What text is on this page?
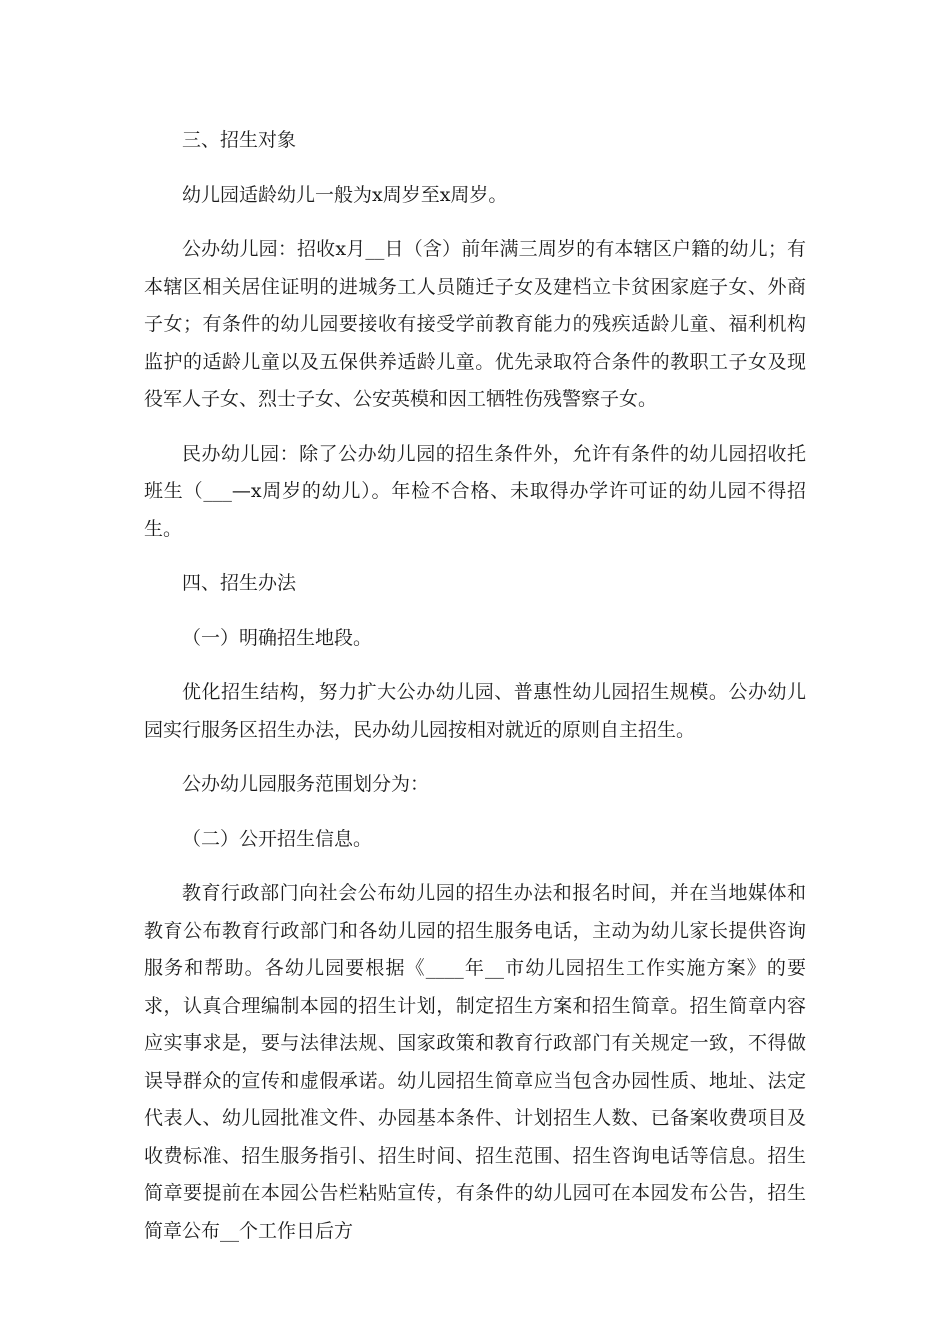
三、招生对象

幼儿园适龄幼儿一般为x周岁至x周岁。

公办幼儿园：招收x月__日（含）前年满三周岁的有本辖区户籍的幼儿；有本辖区相关居住证明的进城务工人员随迁子女及建档立卡贫困家庭子女、外商子女；有条件的幼儿园要接收有接受学前教育能力的残疾适龄儿童、福利机构监护的适龄儿童以及五保供养适龄儿童。优先录取符合条件的教职工子女及现役军人子女、烈士子女、公安英模和因工牺牲伤残警察子女。

民办幼儿园：除了公办幼儿园的招生条件外，允许有条件的幼儿园招收托班生（___—x周岁的幼儿）。年检不合格、未取得办学许可证的幼儿园不得招生。

四、招生办法

（一）明确招生地段。

优化招生结构，努力扩大公办幼儿园、普惠性幼儿园招生规模。公办幼儿园实行服务区招生办法，民办幼儿园按相对就近的原则自主招生。

公办幼儿园服务范围划分为：

（二）公开招生信息。

教育行政部门向社会公布幼儿园的招生办法和报名时间，并在当地媒体和教育公布教育行政部门和各幼儿园的招生服务电话，主动为幼儿家长提供咨询服务和帮助。各幼儿园要根据《____年__市幼儿园招生工作实施方案》的要求，认真合理编制本园的招生计划，制定招生方案和招生简章。招生简章内容应实事求是，要与法律法规、国家政策和教育行政部门有关规定一致，不得做误导群众的宣传和虚假承诺。幼儿园招生简章应当包含办园性质、地址、法定代表人、幼儿园批准文件、办园基本条件、计划招生人数、已备案收费项目及收费标准、招生服务指引、招生时间、招生范围、招生咨询电话等信息。招生简章要提前在本园公告栏粘贴宣传，有条件的幼儿园可在本园发布公告，招生简章公布__个工作日后方
